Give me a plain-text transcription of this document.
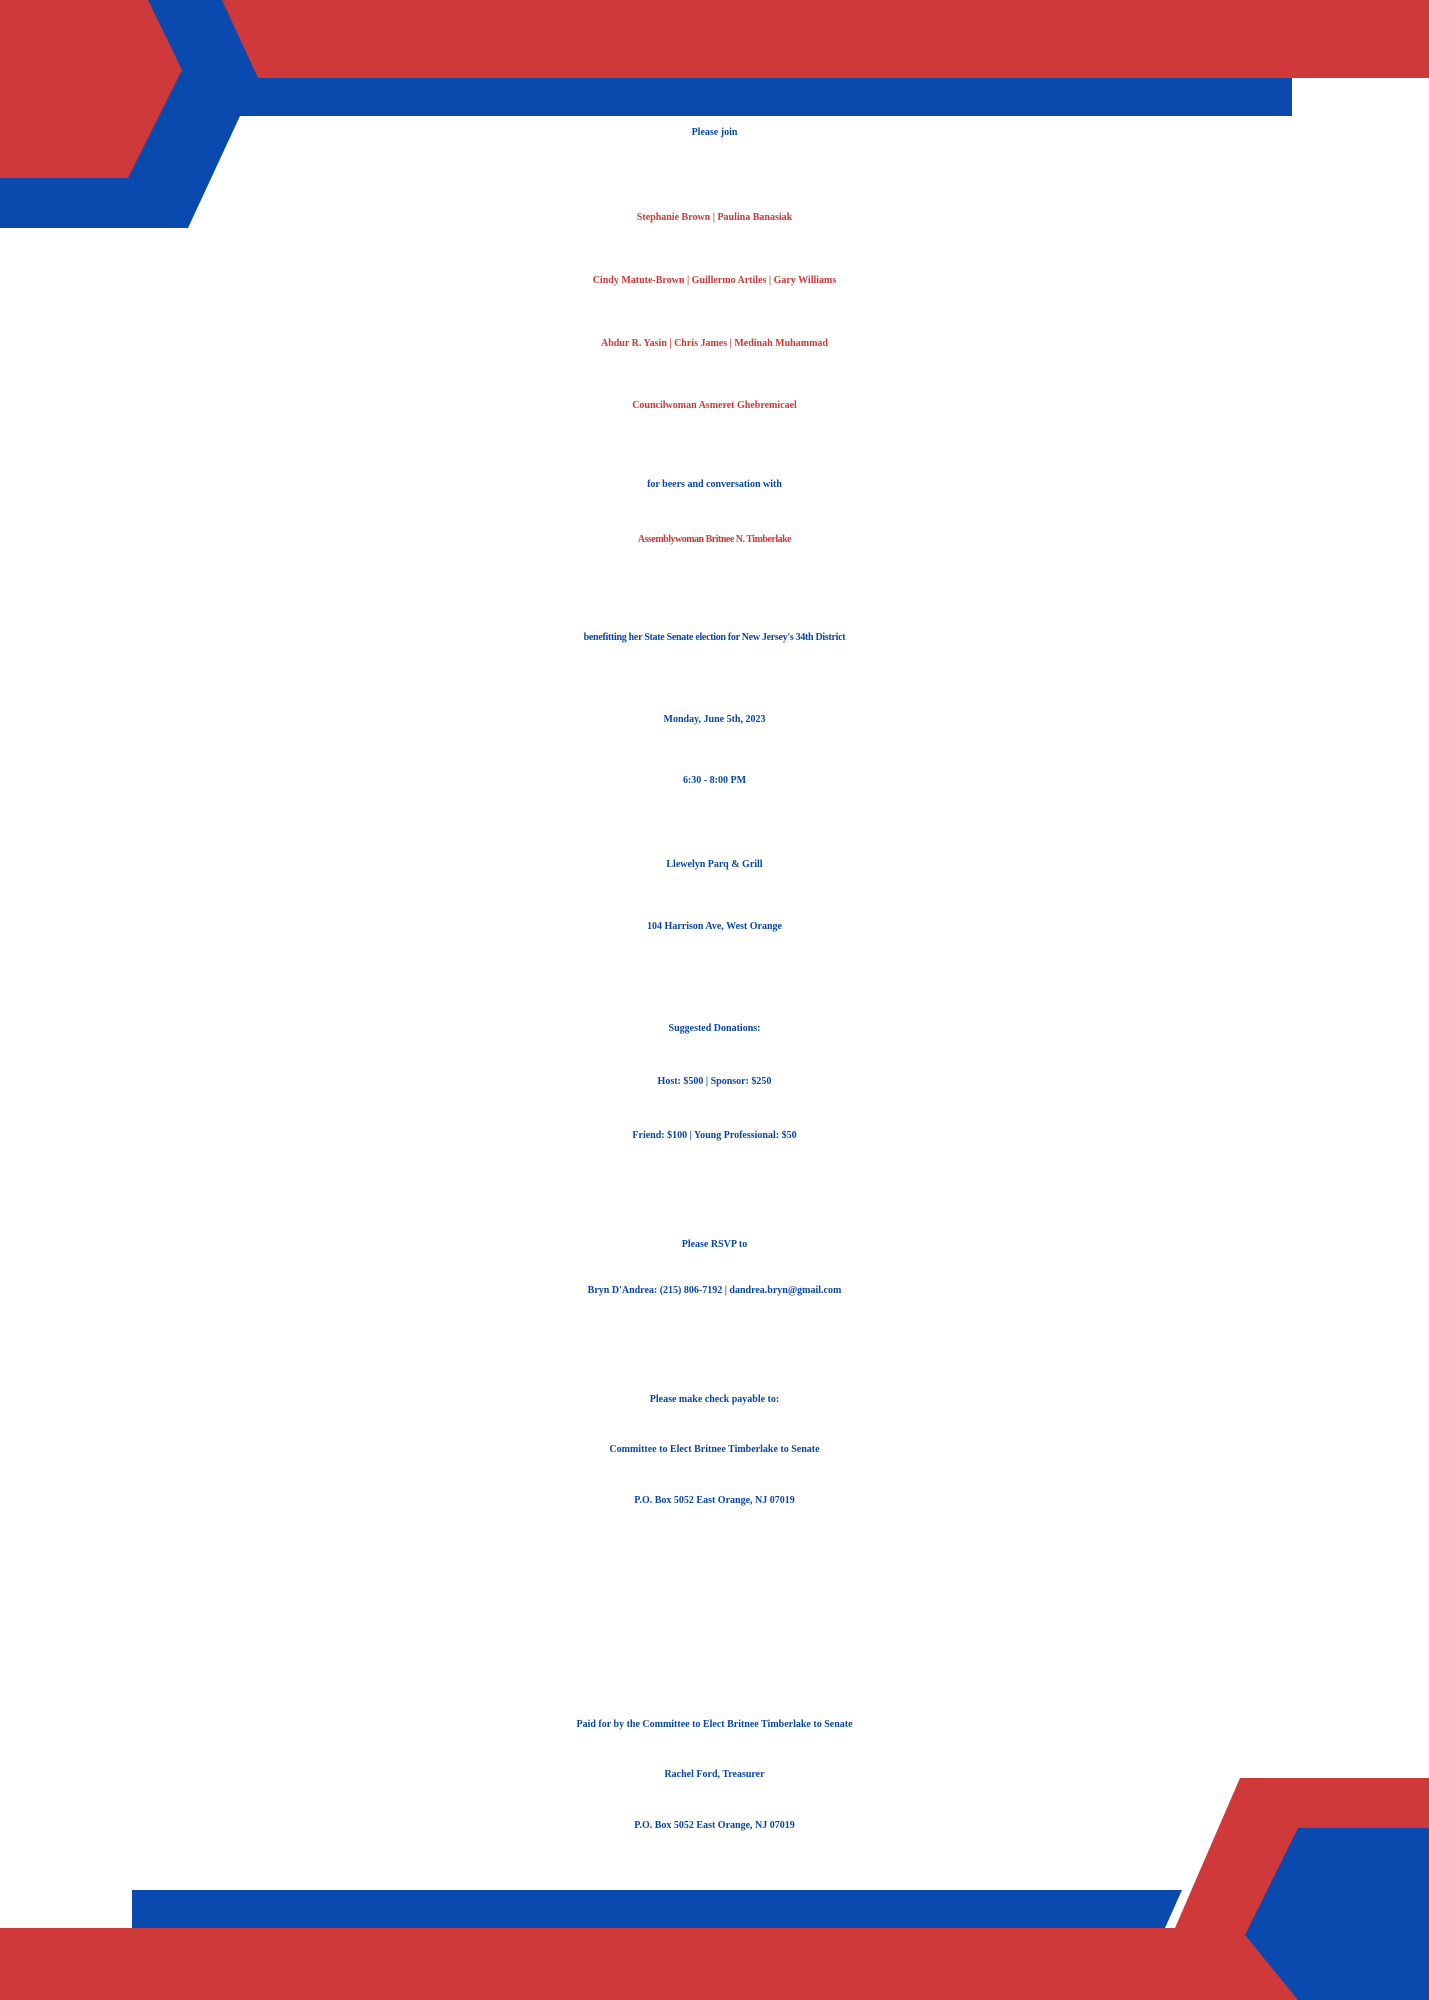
Please join
Stephanie Brown | Paulina Banasiak
Cindy Matute-Brown | Guillermo Artiles | Gary Williams
Abdur R. Yasin | Chris James | Medinah Muhammad
Councilwoman Asmeret Ghebremicael
for beers and conversation with
Assemblywoman Britnee N. Timberlake
benefitting her State Senate election for New Jersey's 34th District
Monday, June 5th, 2023
6:30 - 8:00 PM
Llewelyn Parq & Grill
104 Harrison Ave, West Orange
Suggested Donations:
Host: $500 | Sponsor: $250
Friend: $100 | Young Professional: $50
Please RSVP to
Bryn D'Andrea: (215) 806-7192 | dandrea.bryn@gmail.com
Please make check payable to:
Committee to Elect Britnee Timberlake to Senate
P.O. Box 5052 East Orange, NJ 07019
Paid for by the Committee to Elect Britnee Timberlake to Senate
Rachel Ford, Treasurer
P.O. Box 5052 East Orange, NJ 07019
